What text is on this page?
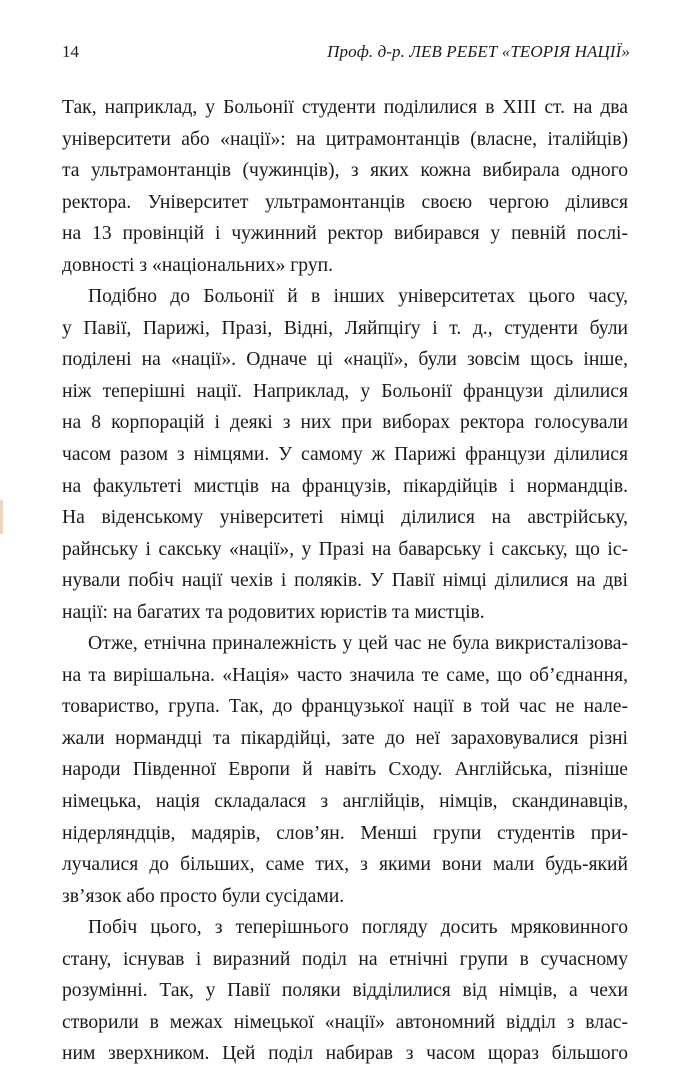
14	Проф. д-р. ЛЕВ РЕБЕТ «ТЕОРІЯ НАЦІЇ»

Так, наприклад, у Больонії студенти поділилися в XIII ст. на два
університети або «нації»: на цитрамонтанців (власне, італійців)
та ультрамонтанців (чужинців), з яких кожна вибирала одного
ректора. Університет ультрамонтанців своєю чергою ділився
на 13 провінцій і чужинний ректор вибирався у певній послі-
довності з «національних» груп.

Подібно до Больонії й в інших університетах цього часу,
у Павії, Парижі, Празі, Відні, Ляйпціґу і т. д., студенти були
поділені на «нації». Одначе ці «нації», були зовсім щось інше,
ніж теперішні нації. Наприклад, у Больонії французи ділилися
на 8 корпорацій і деякі з них при виборах ректора голосували
часом разом з німцями. У самому ж Парижі французи ділилися
на факультеті мистців на французів, пікардійців і нормандців.
На віденському університеті німці ділилися на австрійську,
райнську і сакську «нації», у Празі на баварську і сакську, що іс-
нували побіч нації чехів і поляків. У Павії німці ділилися на дві
нації: на багатих та родовитих юристів та мистців.

Отже, етнічна приналежність у цей час не була викристалізова-
на та вирішальна. «Нація» часто значила те саме, що об’єднання,
товариство, група. Так, до французької нації в той час не нале-
жали нормандці та пікардійці, зате до неї зараховувалися різні
народи Південної Европи й навіть Сходу. Англійська, пізніше
німецька, нація складалася з англійців, німців, скандинавців,
нідерляндців, мадярів, слов’ян. Менші групи студентів при-
лучалися до більших, саме тих, з якими вони мали будь-який
зв’язок або просто були сусідами.

Побіч цього, з теперішнього погляду досить мряковинного
стану, існував і виразний поділ на етнічні групи в сучасному
розумінні. Так, у Павії поляки відділилися від німців, а чехи
створили в межах німецької «нації» автономний відділ з влас-
ним зверхником. Цей поділ набирав з часом щораз більшого
